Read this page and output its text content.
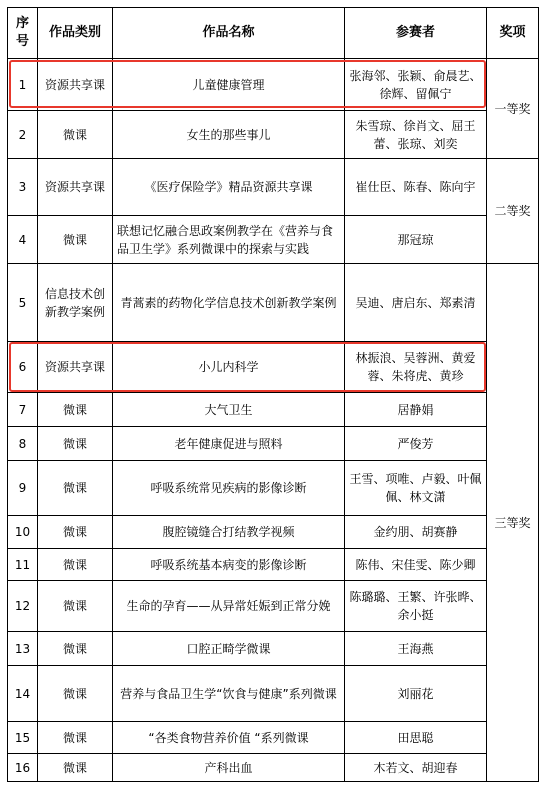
序号	作品类别	作品名称	参赛者	奖项
1	资源共享课	儿童健康管理	张海邻、张颖、俞晨艺、徐辉、留佩宁	一等奖
2	微课	女生的那些事儿	朱雪琼、徐肖文、屈王蕾、张琼、刘奕	
3	资源共享课	《医疗保险学》精品资源共享课	崔仕臣、陈春、陈向宇	二等奖
4	微课	联想记忆融合思政案例教学在《营养与食品卫生学》系列微课中的探索与实践	那冠琼	
5	信息技术创新教学案例	青蒿素的药物化学信息技术创新教学案例	吴迪、唐启东、郑素清	三等奖
6	资源共享课	小儿内科学	林振浪、吴蓉洲、黄爱蓉、朱将虎、黄珍	
7	微课	大气卫生	居静娟	
8	微课	老年健康促进与照料	严俊芳	
9	微课	呼吸系统常见疾病的影像诊断	王雪、项唯、卢毅、叶佩佩、林文潇	
10	微课	腹腔镜缝合打结教学视频	金约朋、胡赛静	
11	微课	呼吸系统基本病变的影像诊断	陈伟、宋佳雯、陈少卿	
12	微课	生命的孕育——从异常妊娠到正常分娩	陈璐璐、王繁、许张晔、余小挺	
13	微课	口腔正畸学微课	王海燕	
14	微课	营养与食品卫生学“饮食与健康”系列微课	刘丽花	
15	微课	“各类食物营养价值 “系列微课	田思聪	
16	微课	产科出血	木若文、胡迎春	
